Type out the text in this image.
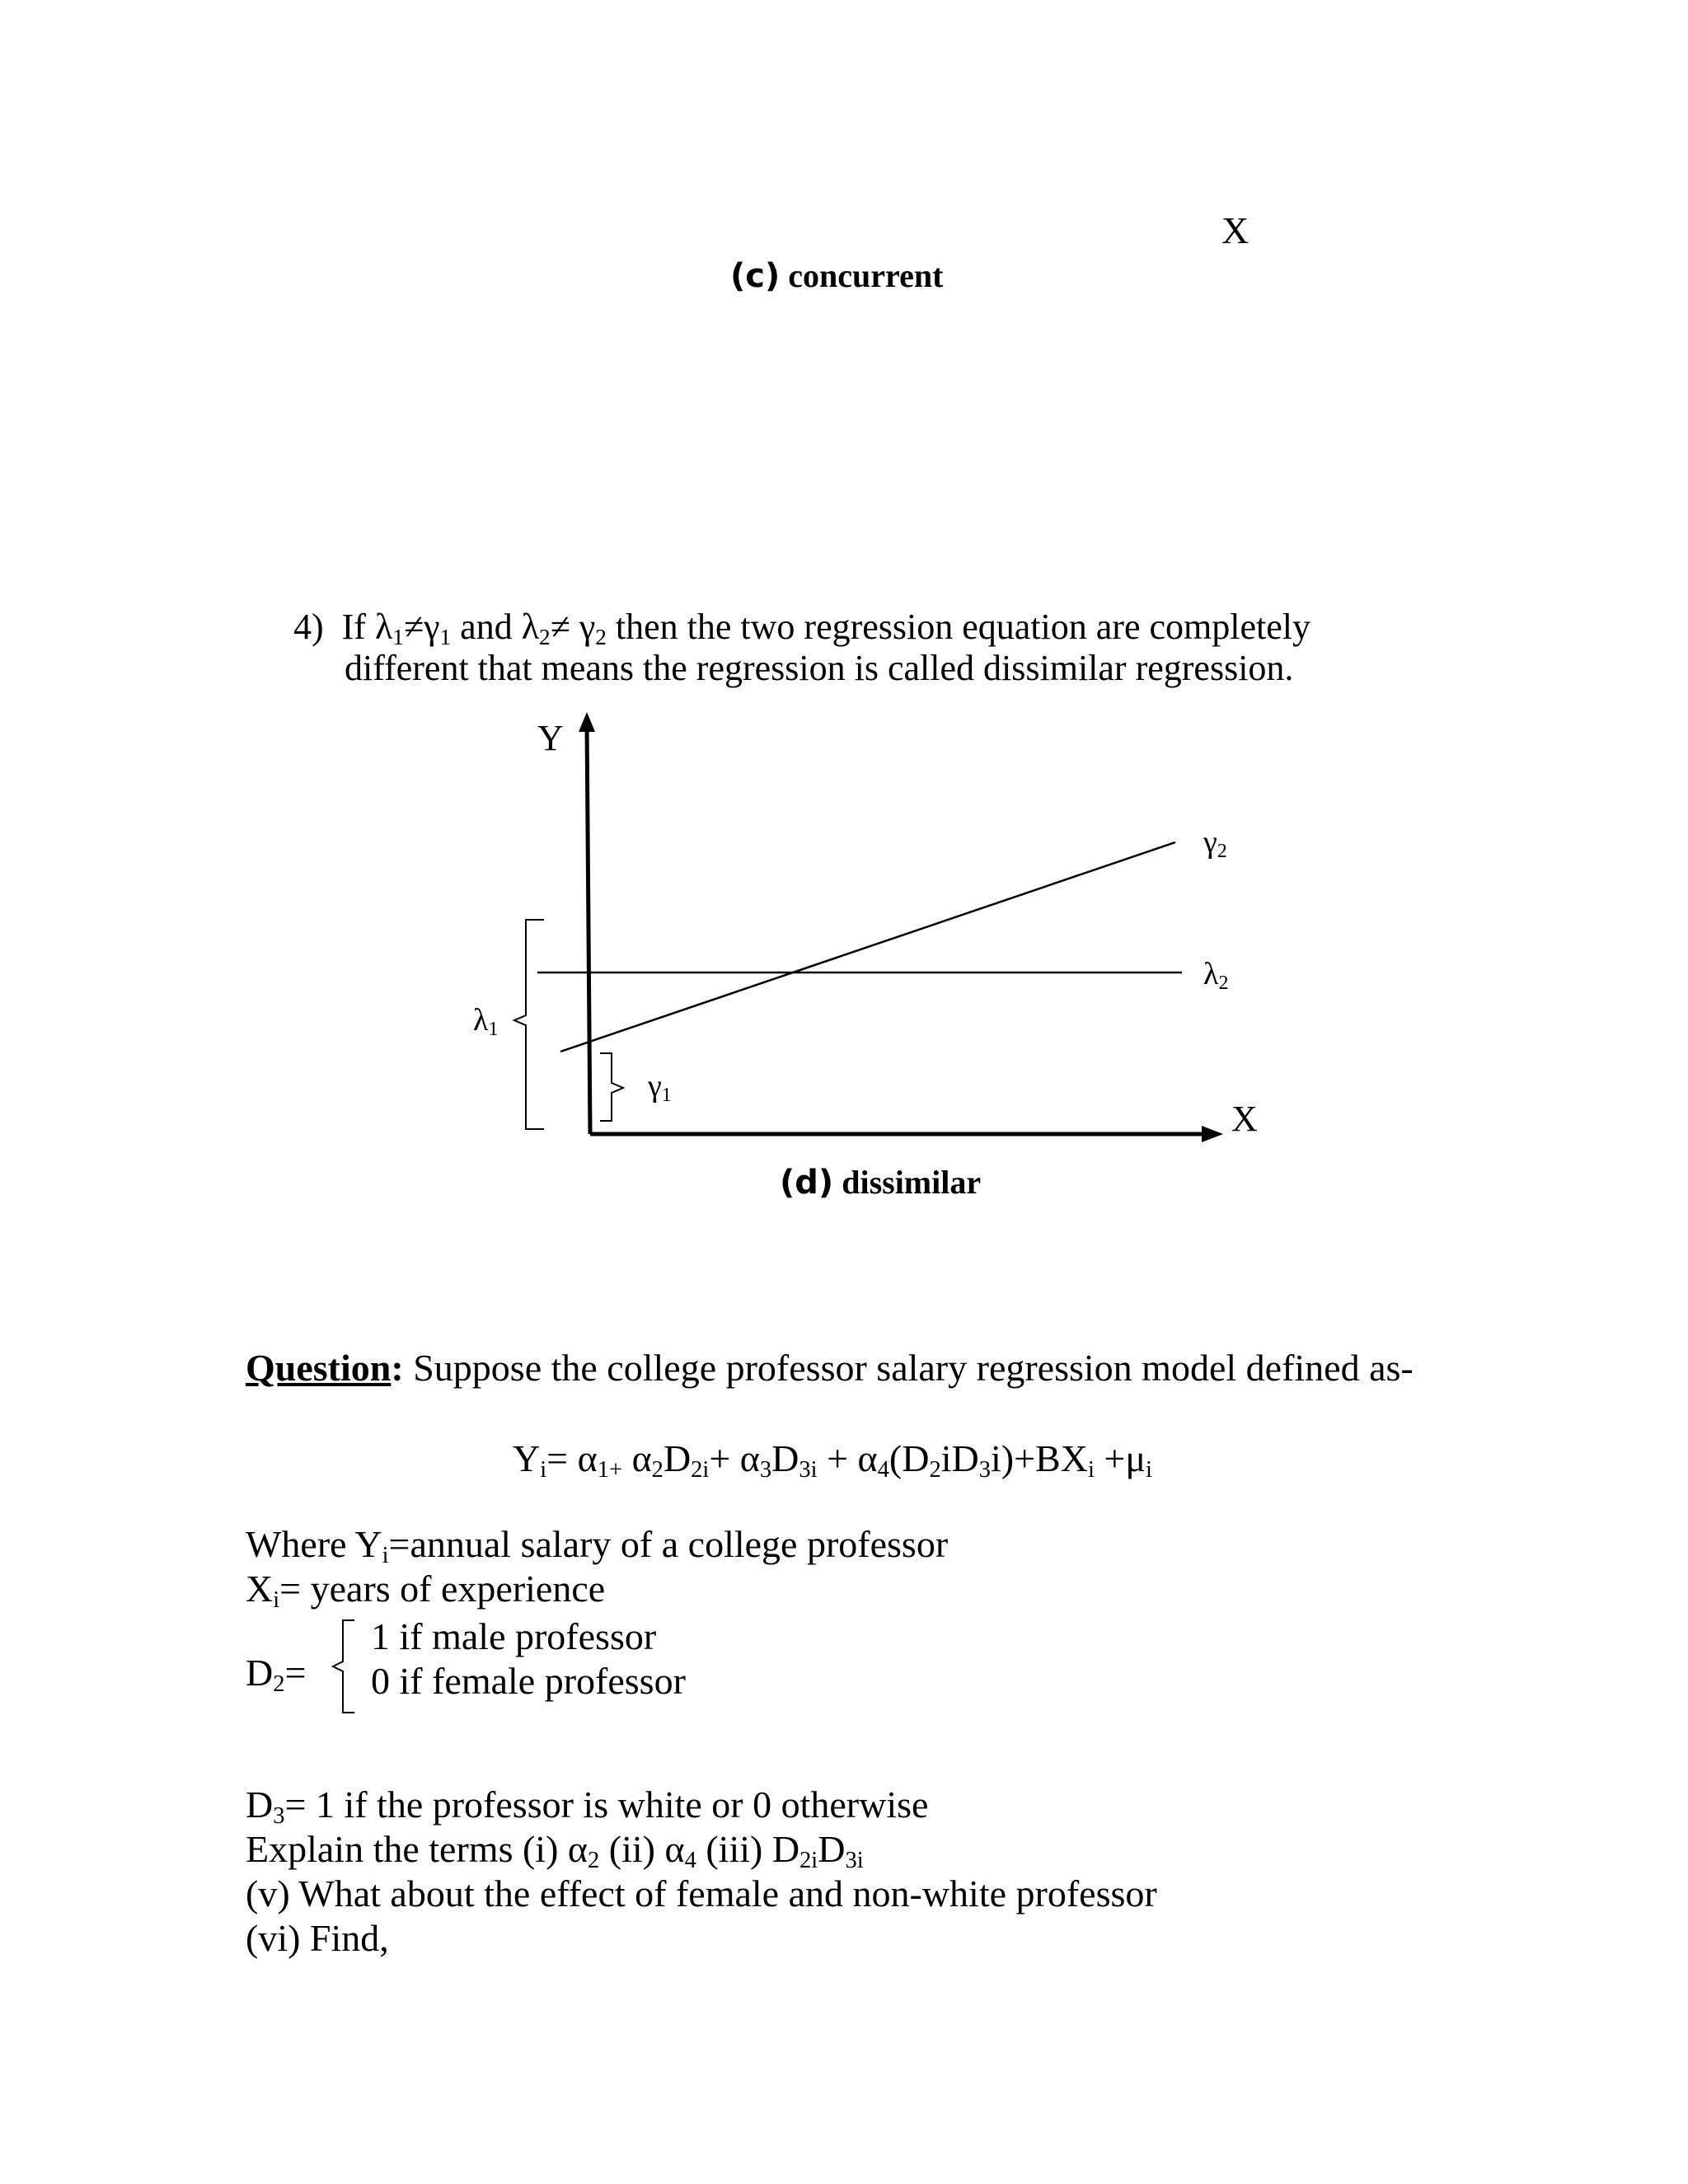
X
(c) concurrent
4)  If $\lambda_1\ne\gamma_1$ and $\lambda_2\ne \gamma_2$ then the two regression equation are completely
different that means the regression is called dissimilar regression.
Y
X
γ2
λ2
λ1
γ1
(d) dissimilar
Question: Suppose the college professor salary regression model defined as-
$Y_i= \alpha_{1+}$ $\alpha_2D_{2i}+ \alpha_3D_{3i} + \alpha_4(D_2iD_3i)+BX_i +\mu_i$
Where $Y_i=annual$ salary of a college professor
$X_i=$ years of experience
$D_2=$
1 if male professor
0 if female professor
$D_3= 1$ if the professor is white or 0 otherwise
Explain the terms (i) $\alpha_2$ (ii) $\alpha_4$ (iii) $D_{2i}D_{3i}$
(v) What about the effect of female and non-white professor
(vi) Find,
